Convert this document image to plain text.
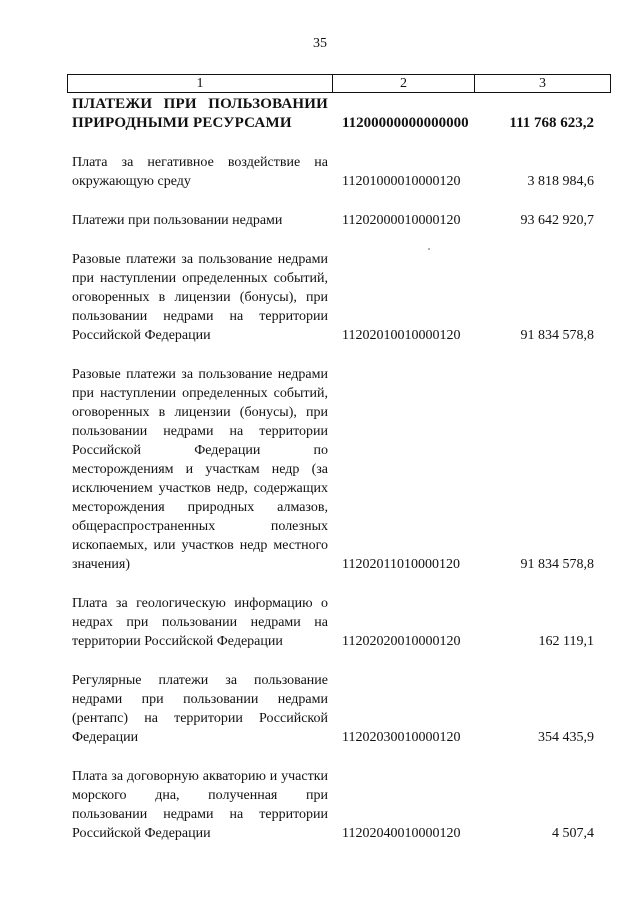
35
1	2	3
ПЛАТЕЖИ ПРИ ПОЛЬЗОВАНИИ ПРИРОДНЫМИ РЕСУРСАМИ	11200000000000000	111 768 623,2
Плата за негативное воздействие на окружающую среду	11201000010000120	3 818 984,6
Платежи при пользовании недрами	11202000010000120	93 642 920,7
Разовые платежи за пользование недрами при наступлении определенных событий, оговоренных в лицензии (бонусы), при пользовании недрами на территории Российской Федерации	11202010010000120	91 834 578,8
Разовые платежи за пользование недрами при наступлении определенных событий, оговоренных в лицензии (бонусы), при пользовании недрами на территории Российской Федерации по месторождениям и участкам недр (за исключением участков недр, содержащих месторождения природных алмазов, общераспространенных полезных ископаемых, или участков недр местного значения)	11202011010000120	91 834 578,8
Плата за геологическую информацию о недрах при пользовании недрами на территории Российской Федерации	11202020010000120	162 119,1
Регулярные платежи за пользование недрами при пользовании недрами (рентапс) на территории Российской Федерации	11202030010000120	354 435,9
Плата за договорную акваторию и участки морского дна, полученная при пользовании недрами на территории Российской Федерации	11202040010000120	4 507,4
